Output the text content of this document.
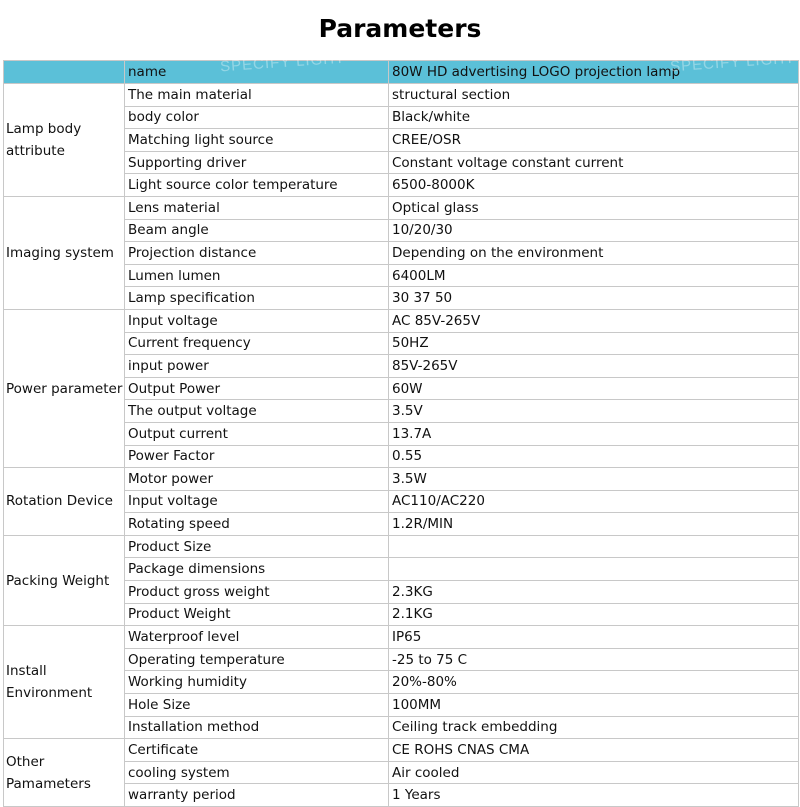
Parameters
	name	80W HD advertising LOGO projection lamp
Lamp body attribute	The main material	structural section
	body color	Black/white
	Matching light source	CREE/OSR
	Supporting driver	Constant voltage constant current
	Light source color temperature	6500-8000K
Imaging system	Lens material	Optical glass
	Beam angle	10/20/30
	Projection distance	Depending on the environment
	Lumen lumen	6400LM
	Lamp specification	30 37 50
Power parameter	Input voltage	AC 85V-265V
	Current frequency	50HZ
	input power	85V-265V
	Output Power	60W
	The output voltage	3.5V
	Output current	13.7A
	Power Factor	0.55
Rotation Device	Motor power	3.5W
	Input voltage	AC110/AC220
	Rotating speed	1.2R/MIN
Packing Weight	Product Size	
	Package dimensions	
	Product gross weight	2.3KG
	Product Weight	2.1KG
Install Environment	Waterproof level	IP65
	Operating temperature	-25 to 75 C
	Working humidity	20%-80%
	Hole Size	100MM
	Installation method	Ceiling track embedding
Other Pamameters	Certificate	CE ROHS CNAS CMA
	cooling system	Air cooled
	warranty period	1 Years
SPECIFY LIGHT	SPECIFY LIGHT
